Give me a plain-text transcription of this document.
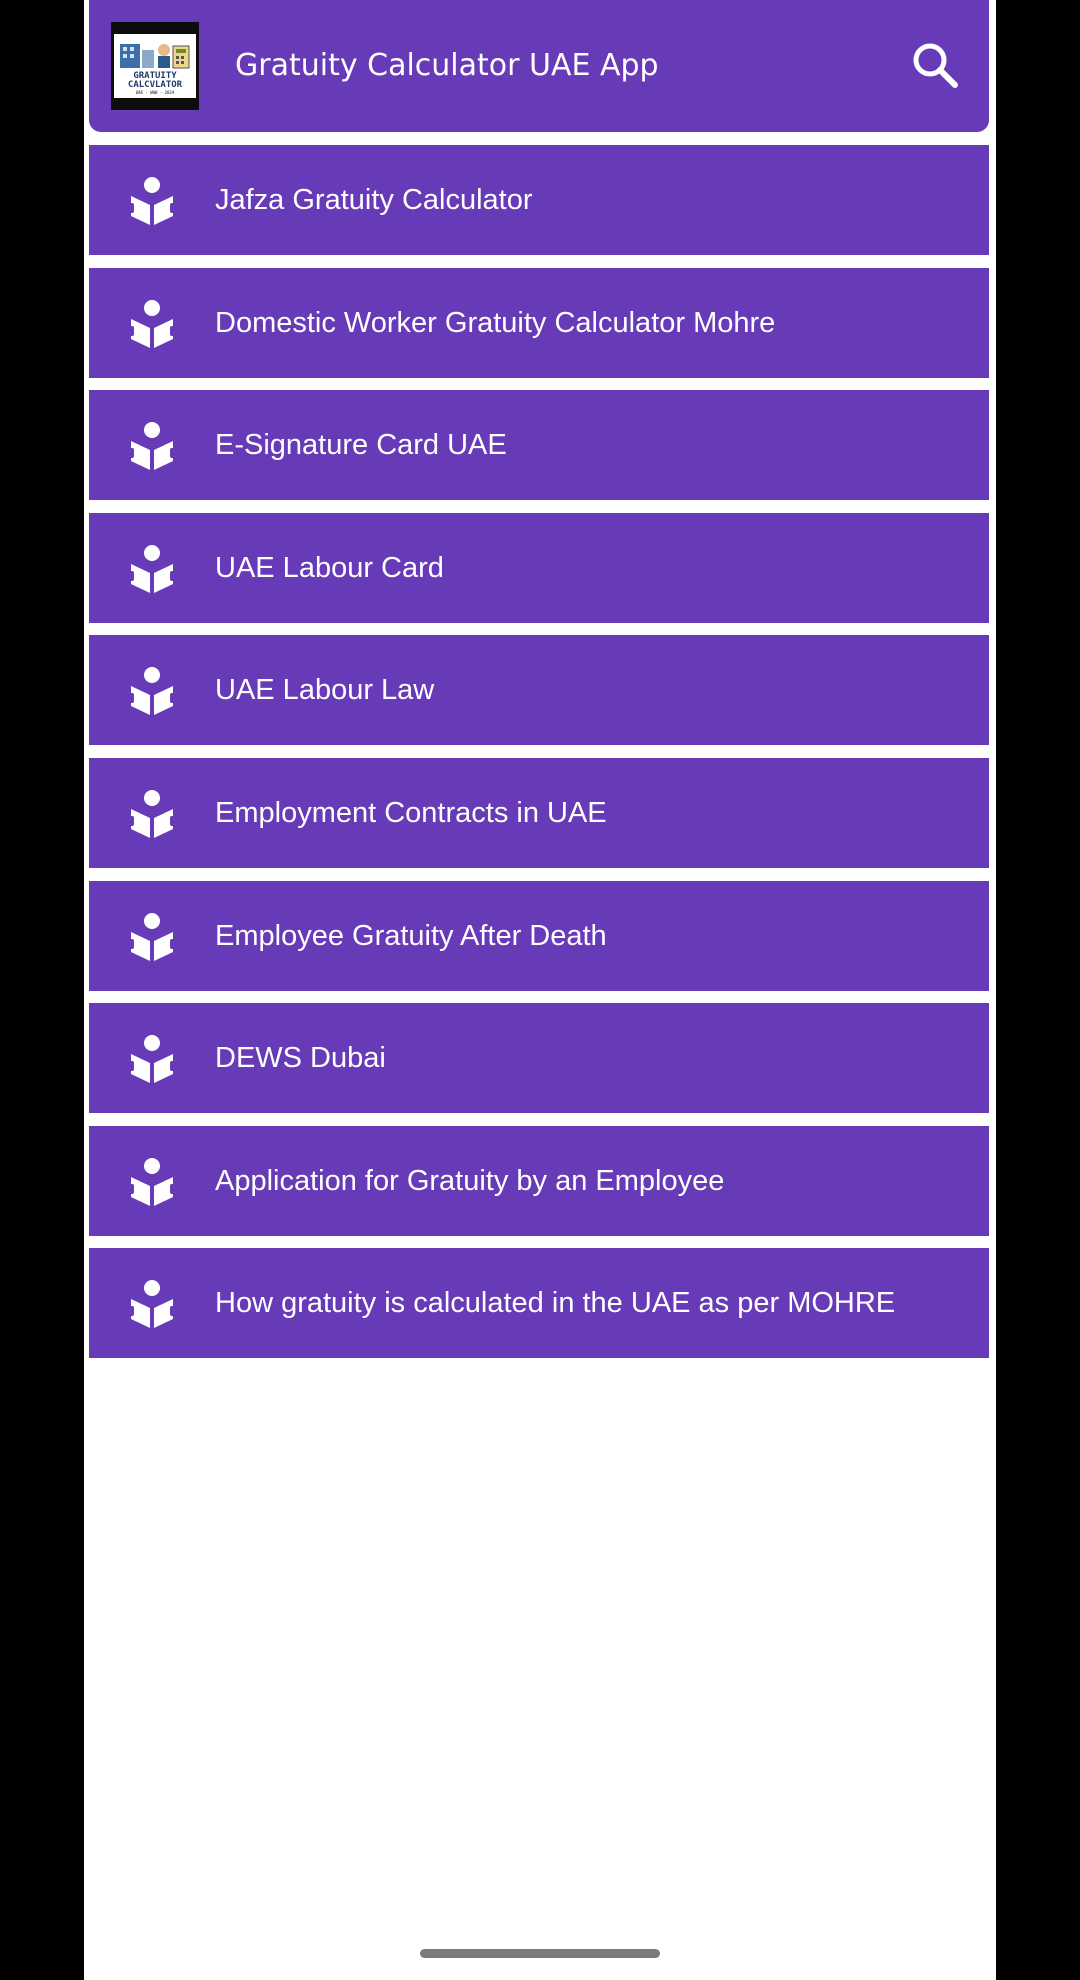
GRATUITY
CALCVLATOR
UAE · WWW · 2024
Gratuity Calculator UAE App
Jafza Gratuity Calculator
Domestic Worker Gratuity Calculator Mohre
E-Signature Card UAE
UAE Labour Card
UAE Labour Law
Employment Contracts in UAE
Employee Gratuity After Death
DEWS Dubai
Application for Gratuity by an Employee
How gratuity is calculated in the UAE as per MOHRE
